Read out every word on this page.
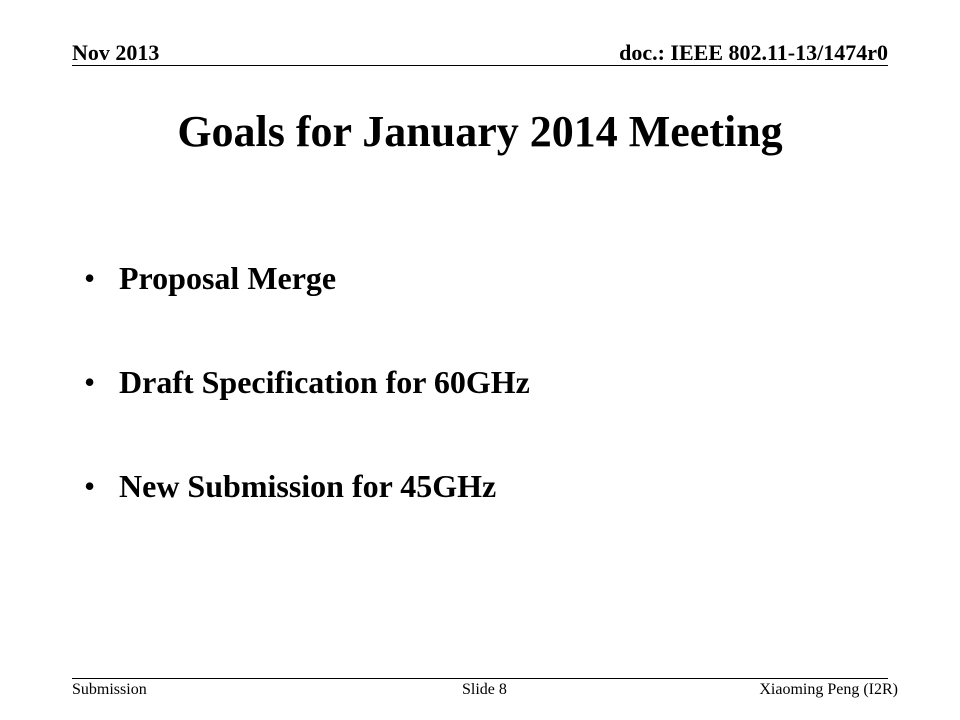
Nov 2013	doc.: IEEE 802.11-13/1474r0
Goals for January 2014 Meeting
• Proposal Merge
• Draft Specification for 60GHz
• New Submission for 45GHz
Submission	Slide 8	Xiaoming Peng (I2R)
